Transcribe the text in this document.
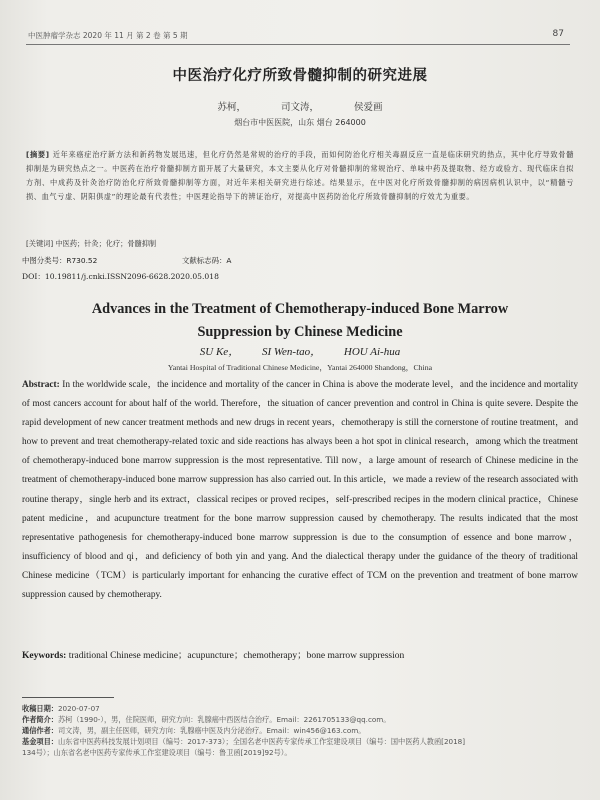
中医肿瘤学杂志 2020 年 11 月 第 2 卷 第 5 期	87
中医治疗化疗所致骨髓抑制的研究进展
苏柯，	司文涛，	侯爱画
烟台市中医医院，山东 烟台 264000
[摘要] 近年来癌症治疗新方法和新药物发展迅速，但化疗仍然是常规的治疗的手段，而如何防治化疗相关毒副反应一直是临床研究的热点，其中化疗导致骨髓抑制是为研究热点之一。中医药在治疗骨髓抑制方面开展了大量研究，本文主要从化疗对骨髓抑制的常规治疗、单味中药及提取物、经方或验方、现代临床自拟方剂、中成药及针灸治疗防治化疗所致骨髓抑制等方面，对近年来相关研究进行综述。结果显示，在中医对化疗所致骨髓抑制的病因病机认识中，以“精髓亏损、血气亏虚、阴阳俱虚”的理论最有代表性；中医理论指导下的辨证治疗，对提高中医药防治化疗所致骨髓抑制的疗效尤为重要。
[关键词] 中医药；针灸；化疗；骨髓抑制
中图分类号：R730.52	文献标志码：A
DOI：10.19811/j.cnki.ISSN2096-6628.2020.05.018
Advances in the Treatment of Chemotherapy-induced Bone Marrow
Suppression by Chinese Medicine
SU Ke， SI Wen-tao， HOU Ai-hua
Yantai Hospital of Traditional Chinese Medicine，Yantai 264000 Shandong，China
Abstract: In the worldwide scale，the incidence and mortality of the cancer in China is above the moderate level，and the incidence and mortality of most cancers account for about half of the world. Therefore，the situation of cancer prevention and control in China is quite severe. Despite the rapid development of new cancer treatment methods and new drugs in recent years，chemotherapy is still the cornerstone of routine treatment，and how to prevent and treat chemotherapy-related toxic and side reactions has always been a hot spot in clinical research，among which the treatment of chemotherapy-induced bone marrow suppression is the most representative. Till now，a large amount of research of Chinese medicine in the treatment of chemotherapy-induced bone marrow suppression has also carried out. In this article，we made a review of the research associated with routine therapy，single herb and its extract，classical recipes or proved recipes，self-prescribed recipes in the modern clinical practice，Chinese patent medicine，and acupuncture treatment for the bone marrow suppression caused by chemotherapy. The results indicated that the most representative pathogenesis for chemotherapy-induced bone marrow suppression is due to the consumption of essence and bone marrow，insufficiency of blood and qi，and deficiency of both yin and yang. And the dialectical therapy under the guidance of the theory of traditional Chinese medicine（TCM）is particularly important for enhancing the curative effect of TCM on the prevention and treatment of bone marrow suppression caused by chemotherapy.
Keywords: traditional Chinese medicine；acupuncture；chemotherapy；bone marrow suppression
收稿日期：2020-07-07
作者简介：苏柯（1990-），男，住院医师，研究方向：乳腺癌中西医结合治疗。Email：2261705133@qq.com。
通信作者：司文涛，男，副主任医师，研究方向：乳腺癌中医及内分泌治疗。Email：win456@163.com。
基金项目：山东省中医药科技发展计划项目（编号：2017-373）；全国名老中医药专家传承工作室建设项目（编号：国中医药人教函[2018]
134号）；山东省名老中医药专家传承工作室建设项目（编号：鲁卫函[2019]92号）。
